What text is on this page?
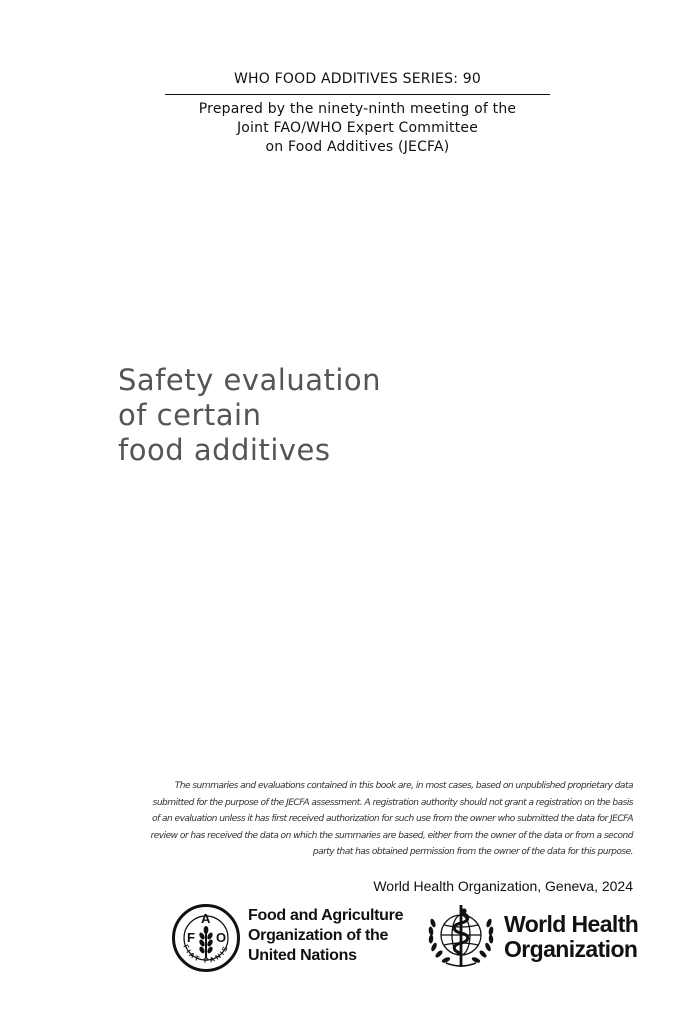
WHO FOOD ADDITIVES SERIES: 90
Prepared by the ninety-ninth meeting of the
Joint FAO/WHO Expert Committee
on Food Additives (JECFA)
Safety evaluation
of certain
food additives
The summaries and evaluations contained in this book are, in most cases, based on unpublished proprietary data
submitted for the purpose of the JECFA assessment. A registration authority should not grant a registration on the basis
of an evaluation unless it has first received authorization for such use from the owner who submitted the data for JECFA
review or has received the data on which the summaries are based, either from the owner of the data or from a second
party that has obtained permission from the owner of the data for this purpose.
World Health Organization, Geneva, 2024
F
A
O
FIAT PANIS
Food and Agriculture
Organization of the
United Nations
World Health
Organization
